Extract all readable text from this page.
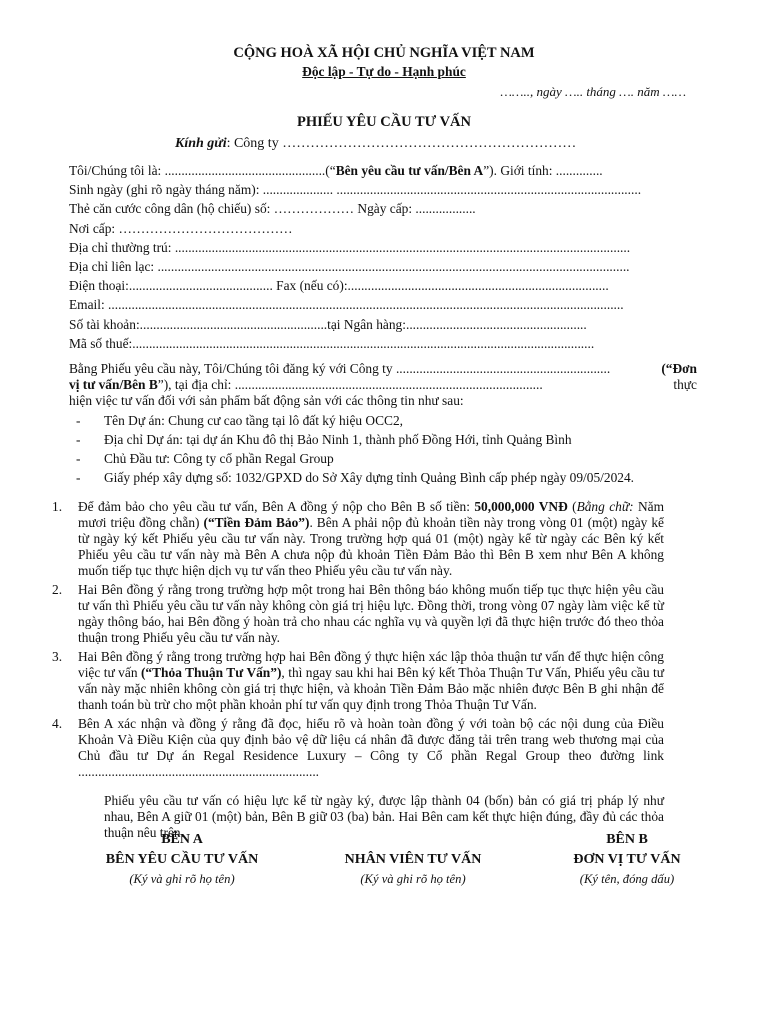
CỘNG HOÀ XÃ HỘI CHỦ NGHĨA VIỆT NAM
Độc lập - Tự do - Hạnh phúc
…….., ngày ….. tháng …. năm ……
PHIẾU YÊU CẦU TƯ VẤN
Kính gửi: Công ty ………………………………………………………
Tôi/Chúng tôi là: ................................................(“Bên yêu cầu tư vấn/Bên A”). Giới tính: ..............
Sinh ngày (ghi rõ ngày tháng năm): ..................... ...........................................................................................
Thẻ căn cước công dân (hộ chiếu) số: ……………… Ngày cấp: ..................
Nơi cấp: …………………………………
Địa chỉ thường trú: ........................................................................................................................................
Địa chỉ liên lạc: .............................................................................................................................................
Điện thoại:........................................... Fax (nếu có):..............................................................................
Email: ..........................................................................................................................................................
Số tài khoản:........................................................tại Ngân hàng:......................................................
Mã số thuế:..........................................................................................................................................
Bằng Phiếu yêu cầu này, Tôi/Chúng tôi đăng ký với Công ty ................................................................	(“Đơn
vị tư vấn/Bên B”), tại địa chỉ: ............................................................................................	thực
hiện việc tư vấn đối với sản phẩm bất động sản với các thông tin như sau:
-	Tên Dự án: Chung cư cao tầng tại lô đất ký hiệu OCC2,
-	Địa chỉ Dự án: tại dự án Khu đô thị Bảo Ninh 1, thành phố Đồng Hới, tỉnh Quảng Bình
-	Chủ Đầu tư: Công ty cổ phần Regal Group
-	Giấy phép xây dựng số: 1032/GPXD do Sở Xây dựng tỉnh Quảng Bình cấp phép ngày 09/05/2024.
1.	Để đảm bảo cho yêu cầu tư vấn, Bên A đồng ý nộp cho Bên B số tiền: 50,000,000 VNĐ (Bằng chữ: Năm mươi triệu đồng chẵn) (“Tiền Đảm Bảo”). Bên A phải nộp đủ khoản tiền này trong vòng 01 (một) ngày kể từ ngày ký kết Phiếu yêu cầu tư vấn này. Trong trường hợp quá 01 (một) ngày kể từ ngày các Bên ký kết Phiếu yêu cầu tư vấn này mà Bên A chưa nộp đủ khoản Tiền Đảm Bảo thì Bên B xem như Bên A không muốn tiếp tục thực hiện dịch vụ tư vấn theo Phiếu yêu cầu tư vấn này.
2.	Hai Bên đồng ý rằng trong trường hợp một trong hai Bên thông báo không muốn tiếp tục thực hiện yêu cầu tư vấn thì Phiếu yêu cầu tư vấn này không còn giá trị hiệu lực. Đồng thời, trong vòng 07 ngày làm việc kể từ ngày thông báo, hai Bên đồng ý hoàn trả cho nhau các nghĩa vụ và quyền lợi đã thực hiện trước đó theo thỏa thuận trong Phiếu yêu cầu tư vấn này.
3.	Hai Bên đồng ý rằng trong trường hợp hai Bên đồng ý thực hiện xác lập thỏa thuận tư vấn để thực hiện công việc tư vấn (“Thỏa Thuận Tư Vấn”), thì ngay sau khi hai Bên ký kết Thỏa Thuận Tư Vấn, Phiếu yêu cầu tư vấn này mặc nhiên không còn giá trị thực hiện, và khoản Tiền Đảm Bảo mặc nhiên được Bên B ghi nhận để thanh toán bù trừ cho một phần khoản phí tư vấn quy định trong Thỏa Thuận Tư Vấn.
4.	Bên A xác nhận và đồng ý rằng đã đọc, hiểu rõ và hoàn toàn đồng ý với toàn bộ các nội dung của Điều Khoản Và Điều Kiện của quy định bảo vệ dữ liệu cá nhân đã được đăng tải trên trang web thương mại của Chủ đầu tư Dự án Regal Residence Luxury – Công ty Cổ phần Regal Group theo đường link ........................................................................
Phiếu yêu cầu tư vấn có hiệu lực kể từ ngày ký, được lập thành 04 (bốn) bản có giá trị pháp lý như nhau, Bên A giữ 01 (một) bản, Bên B giữ 03 (ba) bản. Hai Bên cam kết thực hiện đúng, đầy đủ các thỏa thuận nêu trên.
BÊN A
BÊN YÊU CẦU TƯ VẤN
(Ký và ghi rõ họ tên)
NHÂN VIÊN TƯ VẤN
(Ký và ghi rõ họ tên)
BÊN B
ĐƠN VỊ TƯ VẤN
(Ký tên, đóng dấu)
